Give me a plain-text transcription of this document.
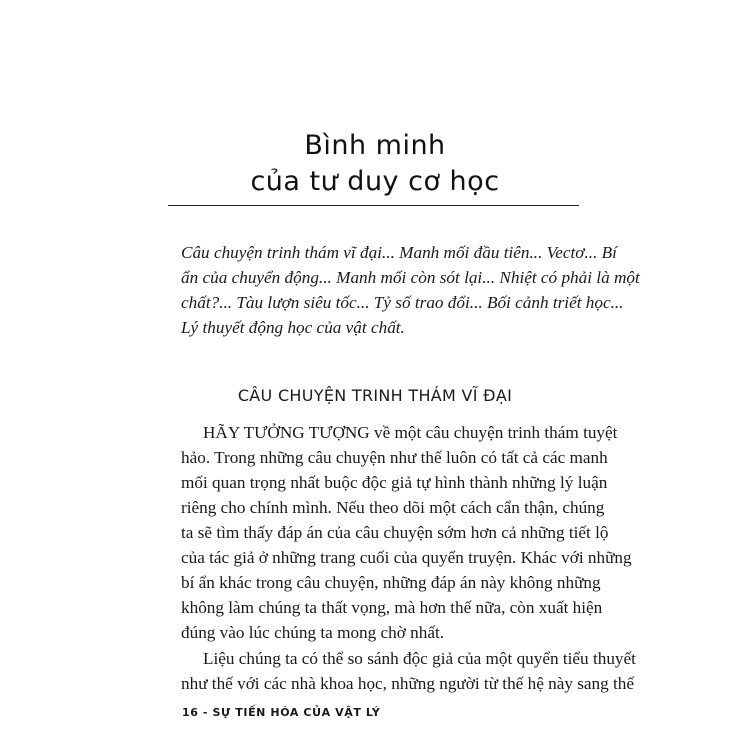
Bình minh
của tư duy cơ học
Câu chuyện trinh thám vĩ đại... Manh mối đầu tiên... Vectơ... Bí
ẩn của chuyển động... Manh mối còn sót lại... Nhiệt có phải là một
chất?... Tàu lượn siêu tốc... Tỷ số trao đổi... Bối cảnh triết học...
Lý thuyết động học của vật chất.
CÂU CHUYỆN TRINH THÁM VĨ ĐẠI
HÃY TƯỞNG TƯỢNG về một câu chuyện trinh thám tuyệt
hảo. Trong những câu chuyện như thế luôn có tất cả các manh
mối quan trọng nhất buộc độc giả tự hình thành những lý luận
riêng cho chính mình. Nếu theo dõi một cách cẩn thận, chúng
ta sẽ tìm thấy đáp án của câu chuyện sớm hơn cả những tiết lộ
của tác giả ở những trang cuối của quyển truyện. Khác với những
bí ẩn khác trong câu chuyện, những đáp án này không những
không làm chúng ta thất vọng, mà hơn thế nữa, còn xuất hiện
đúng vào lúc chúng ta mong chờ nhất.
Liệu chúng ta có thể so sánh độc giả của một quyển tiểu thuyết
như thế với các nhà khoa học, những người từ thế hệ này sang thế
16 - SỰ TIẾN HÓA CỦA VẬT LÝ
